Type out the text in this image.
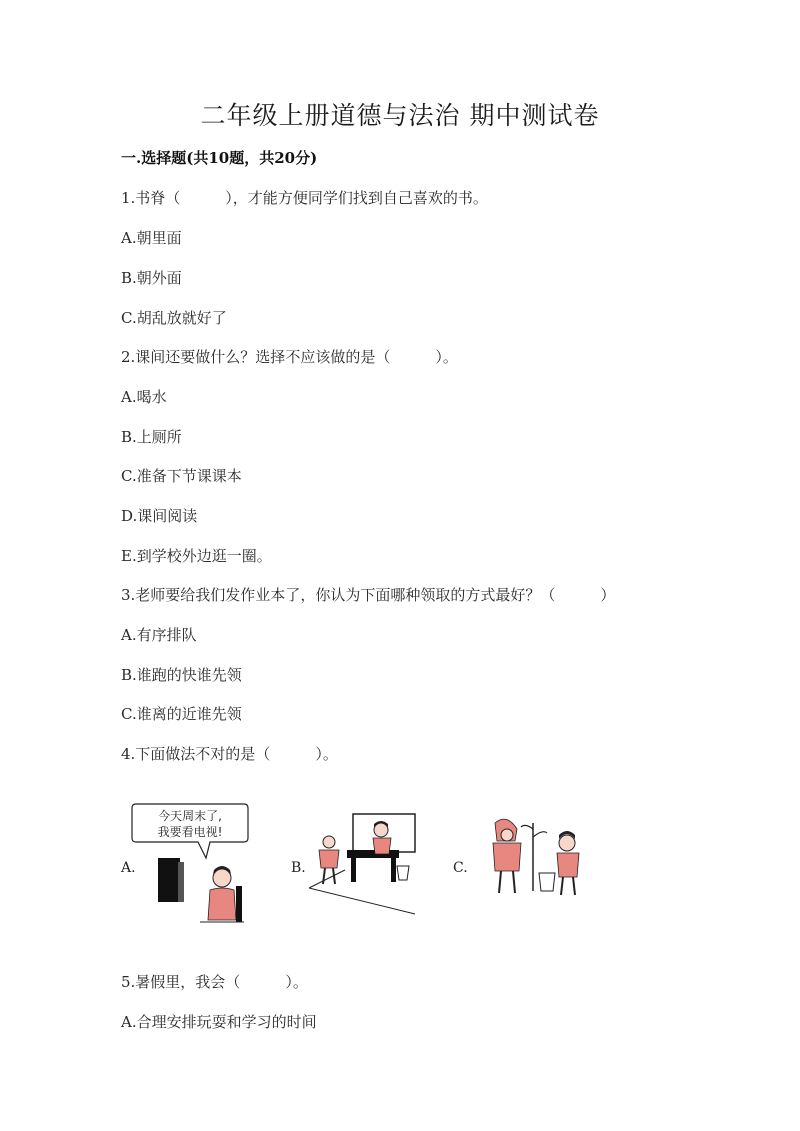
二年级上册道德与法治 期中测试卷
一.选择题(共10题，共20分)
1.书脊（　　　），才能方便同学们找到自己喜欢的书。
A.朝里面
B.朝外面
C.胡乱放就好了
2.课间还要做什么？选择不应该做的是（　　　）。
A.喝水
B.上厕所
C.准备下节课课本
D.课间阅读
E.到学校外边逛一圈。
3.老师要给我们发作业本了，你认为下面哪种领取的方式最好？（　　　）
A.有序排队
B.谁跑的快谁先领
C.谁离的近谁先领
4.下面做法不对的是（　　　）。
A.
今天周末了,
我要看电视!
B.	C.
5.暑假里，我会（　　　）。
A.合理安排玩耍和学习的时间
